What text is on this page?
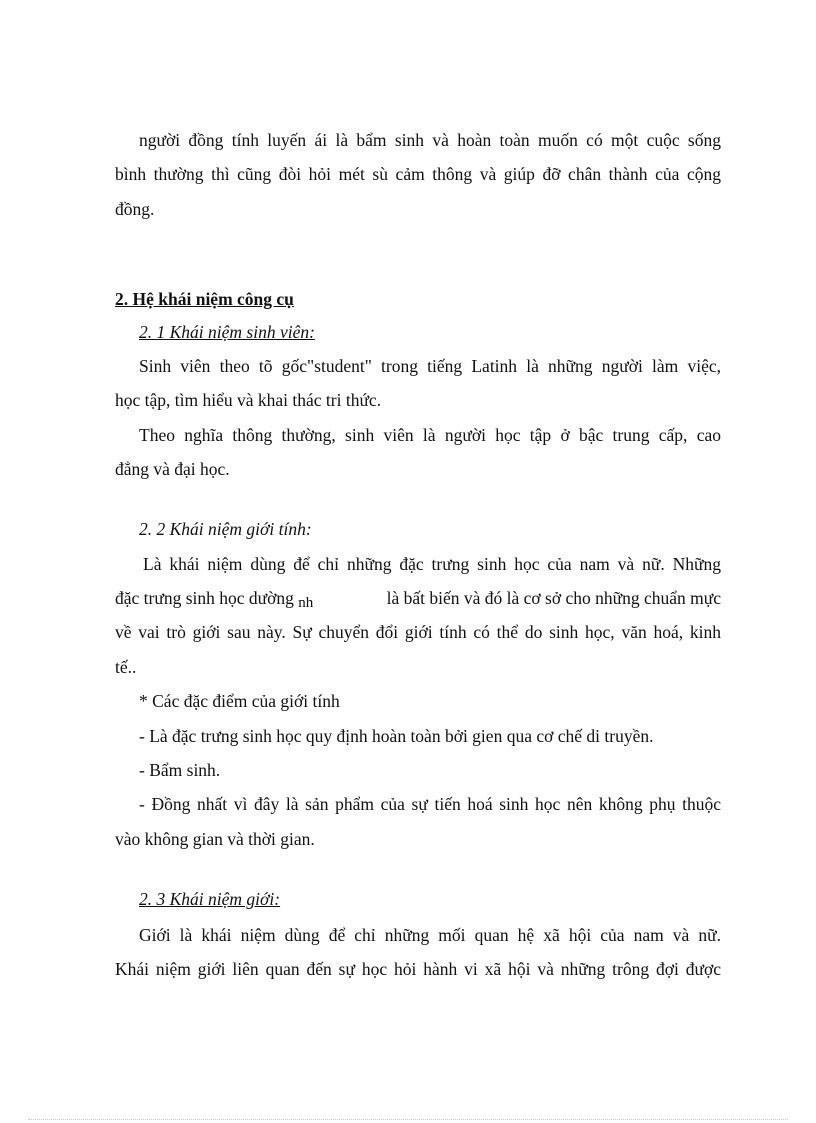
người đồng tính luyến ái là bẩm sinh và hoàn toàn muốn có một cuộc sống
bình thường thì cũng đòi hỏi mét sù cảm thông và giúp đỡ chân thành của cộng
đồng.
2. Hệ khái niệm công cụ
2. 1 Khái niệm sinh viên:
Sinh viên theo tõ gốc"student" trong tiếng Latinh là những người làm việc,
học tập, tìm hiểu và khai thác tri thức.
Theo nghĩa thông thường, sinh viên là người học tập ở bậc trung cấp, cao
đẳng và đại học.
2. 2 Khái niệm giới tính:
Là khái niệm dùng để chỉ những đặc trưng sinh học của nam và nữ. Những
đặc trưng sinh học dường nh	là bất biến và đó là cơ sở cho những chuẩn mực
về vai trò giới sau này. Sự chuyển đổi giới tính có thể do sinh học, văn hoá, kinh
tế..
* Các đặc điểm của giới tính
- Là đặc trưng sinh học quy định hoàn toàn bởi gien qua cơ chế di truyền.
- Bẩm sinh.
- Đồng nhất vì đây là sản phẩm của sự tiến hoá sinh học nên không phụ thuộc
vào không gian và thời gian.
2. 3 Khái niệm giới:
Giới là khái niệm dùng để chỉ những mối quan hệ xã hội của nam và nữ.
Khái niệm giới liên quan đến sự học hỏi hành vi xã hội và những trông đợi được
